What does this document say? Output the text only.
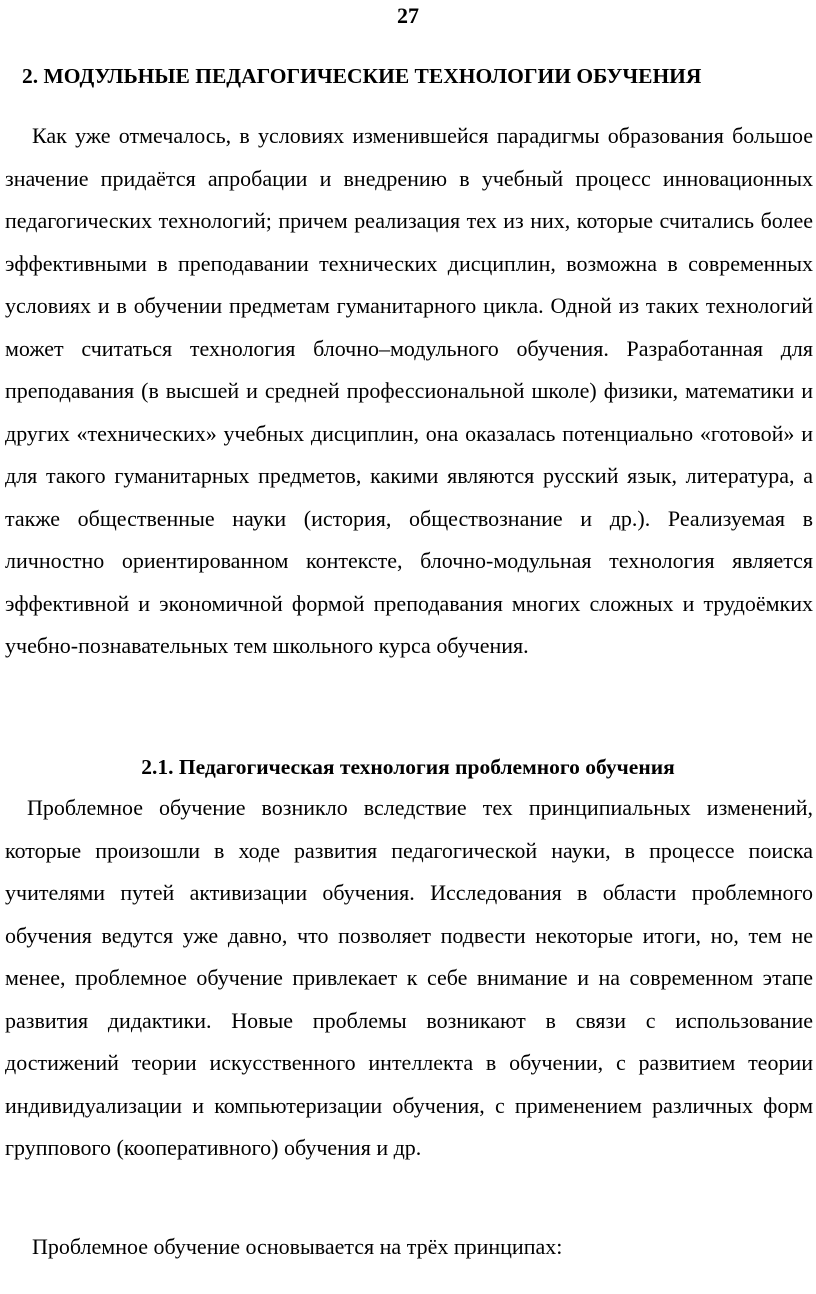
27
2. МОДУЛЬНЫЕ ПЕДАГОГИЧЕСКИЕ ТЕХНОЛОГИИ ОБУЧЕНИЯ

Как уже отмечалось, в условиях изменившейся парадигмы образования большое значение придаётся апробации и внедрению в учебный процесс инновационных педагогических технологий; причем реализация тех из них, которые считались более эффективными в преподавании технических дисциплин, возможна в современных условиях и в обучении предметам гуманитарного цикла. Одной из таких технологий может считаться технология блочно–модульного обучения. Разработанная для преподавания (в высшей и средней профессиональной школе) физики, математики и других «технических» учебных дисциплин, она оказалась потенциально «готовой» и для такого гуманитарных предметов, какими являются русский язык, литература, а также общественные науки (история, обществознание и др.). Реализуемая в личностно ориентированном контексте, блочно-модульная технология является эффективной и экономичной формой преподавания многих сложных и трудоёмких учебно-познавательных тем школьного курса обучения.

2.1. Педагогическая технология проблемного обучения

Проблемное обучение возникло вследствие тех принципиальных изменений, которые произошли в ходе развития педагогической науки, в процессе поиска учителями путей активизации обучения. Исследования в области проблемного обучения ведутся уже давно, что позволяет подвести некоторые итоги, но, тем не менее, проблемное обучение привлекает к себе внимание и на современном этапе развития дидактики. Новые проблемы возникают в связи с использование достижений теории искусственного интеллекта в обучении, с развитием теории индивидуализации и компьютеризации обучения, с применением различных форм группового (кооперативного) обучения и др.

Проблемное обучение основывается на трёх принципах:
